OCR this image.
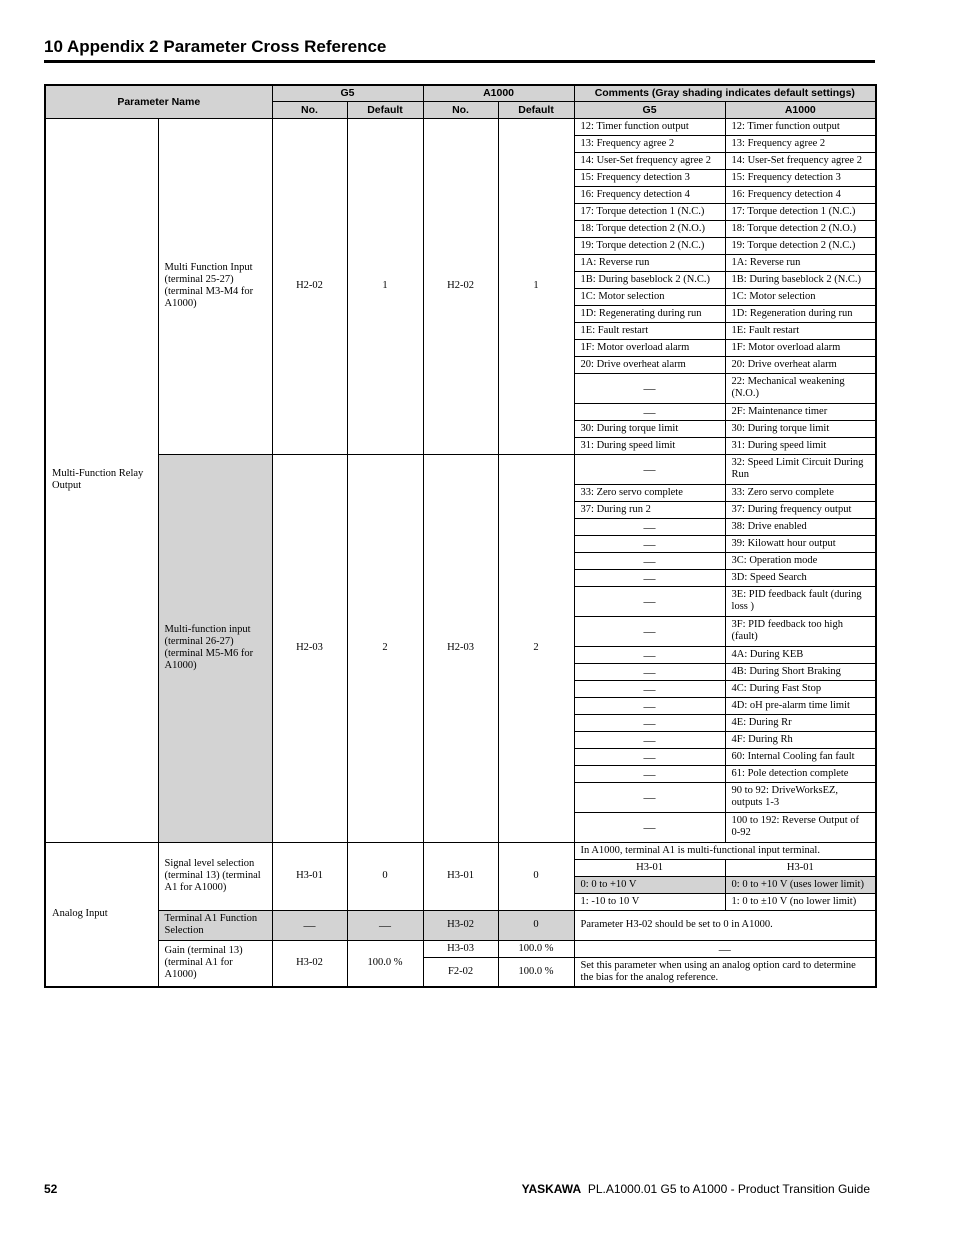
10 Appendix 2 Parameter Cross Reference
Parameter Name		G5		A1000		Comments (Gray shading indicates default settings)	
		No.	Default	No.	Default	G5	A1000
Multi-Function Relay Output	Multi Function Input (terminal 25-27) (terminal M3-M4 for A1000)	H2-02	1	H2-02	1	12: Timer function output	12: Timer function output
						13: Frequency agree 2	13: Frequency agree 2
						14: User-Set frequency agree 2	14: User-Set frequency agree 2
						15: Frequency detection 3	15: Frequency detection 3
						16: Frequency detection 4	16: Frequency detection 4
						17: Torque detection 1 (N.C.)	17: Torque detection 1 (N.C.)
						18: Torque detection 2 (N.O.)	18: Torque detection 2 (N.O.)
						19: Torque detection 2 (N.C.)	19: Torque detection 2 (N.C.)
						1A: Reverse run	1A: Reverse run
						1B: During baseblock 2 (N.C.)	1B: During baseblock 2 (N.C.)
						1C: Motor selection	1C: Motor selection
						1D: Regenerating during run	1D: Regeneration during run
						1E: Fault restart	1E: Fault restart
						1F: Motor overload alarm	1F: Motor overload alarm
						20: Drive overheat alarm	20: Drive overheat alarm
						—	22: Mechanical weakening (N.O.)
						—	2F: Maintenance timer
						30: During torque limit	30: During torque limit
						31: During speed limit	31: During speed limit
	Multi-function input (terminal 26-27) (terminal M5-M6 for A1000)	H2-03	2	H2-03	2	—	32: Speed Limit Circuit During Run
						33: Zero servo complete	33: Zero servo complete
						37: During run 2	37: During frequency output
						—	38: Drive enabled
						—	39: Kilowatt hour output
						—	3C: Operation mode
						—	3D: Speed Search
						—	3E: PID feedback fault (during loss )
						—	3F: PID feedback too high (fault)
						—	4A: During KEB
						—	4B: During Short Braking
						—	4C: During Fast Stop
						—	4D: oH pre-alarm time limit
						—	4E: During Rr
						—	4F: During Rh
						—	60: Internal Cooling fan fault
						—	61: Pole detection complete
						—	90 to 92: DriveWorksEZ, outputs 1-3
						—	100 to 192: Reverse Output of 0-92
Analog Input	Signal level selection (terminal 13) (terminal A1 for A1000)	H3-01	0	H3-01	0	In A1000, terminal A1 is multi-functional input terminal.	
						H3-01	H3-01
						0: 0 to +10 V	0: 0 to +10 V (uses lower limit)
						1: -10 to 10 V	1: 0 to ±10 V (no lower limit)
	Terminal A1 Function Selection	—	—	H3-02	0	Parameter H3-02 should be set to 0 in A1000.	
	Gain (terminal 13) (terminal A1 for A1000)	H3-02	100.0 %	H3-03	100.0 %	—	
				F2-02	100.0 %	Set this parameter when using an analog option card to determine the bias for the analog reference.	
52	YASKAWA PL.A1000.01 G5 to A1000 - Product Transition Guide
